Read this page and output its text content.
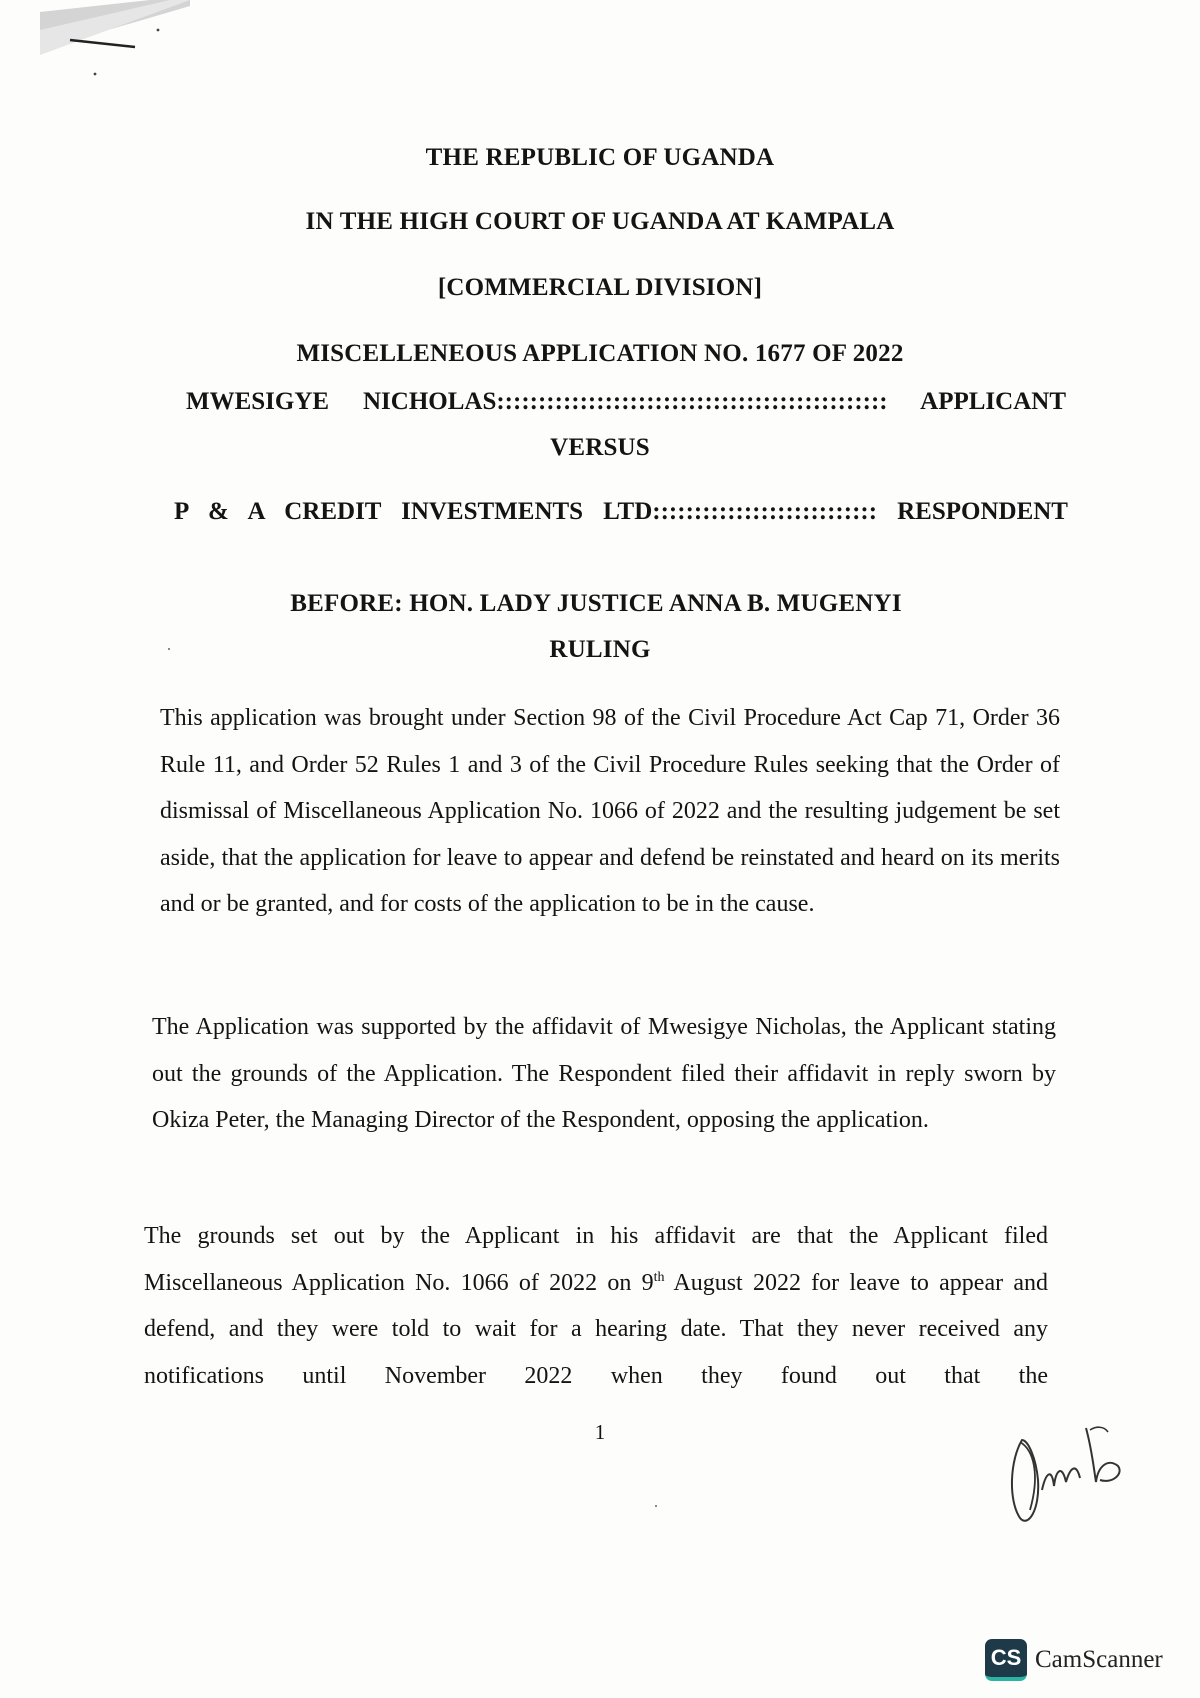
THE REPUBLIC OF UGANDA
IN THE HIGH COURT OF UGANDA AT KAMPALA
[COMMERCIAL DIVISION]
MISCELLENEOUS APPLICATION NO. 1677 OF 2022
MWESIGYE NICHOLAS::::::::::::::::::::::::::::::::::::::::::::::: APPLICANT
VERSUS
P & A CREDIT INVESTMENTS LTD::::::::::::::::::::::::::: RESPONDENT
BEFORE: HON. LADY JUSTICE ANNA B. MUGENYI
RULING

This application was brought under Section 98 of the Civil Procedure Act Cap 71, Order 36 Rule 11, and Order 52 Rules 1 and 3 of the Civil Procedure Rules seeking that the Order of dismissal of Miscellaneous Application No. 1066 of 2022 and the resulting judgement be set aside, that the application for leave to appear and defend be reinstated and heard on its merits and or be granted, and for costs of the application to be in the cause.

The Application was supported by the affidavit of Mwesigye Nicholas, the Applicant stating out the grounds of the Application. The Respondent filed their affidavit in reply sworn by Okiza Peter, the Managing Director of the Respondent, opposing the application.

The grounds set out by the Applicant in his affidavit are that the Applicant filed Miscellaneous Application No. 1066 of 2022 on 9th August 2022 for leave to appear and defend, and they were told to wait for a hearing date. That they never received any notifications until November 2022 when they found out that the

1
CS CamScanner
